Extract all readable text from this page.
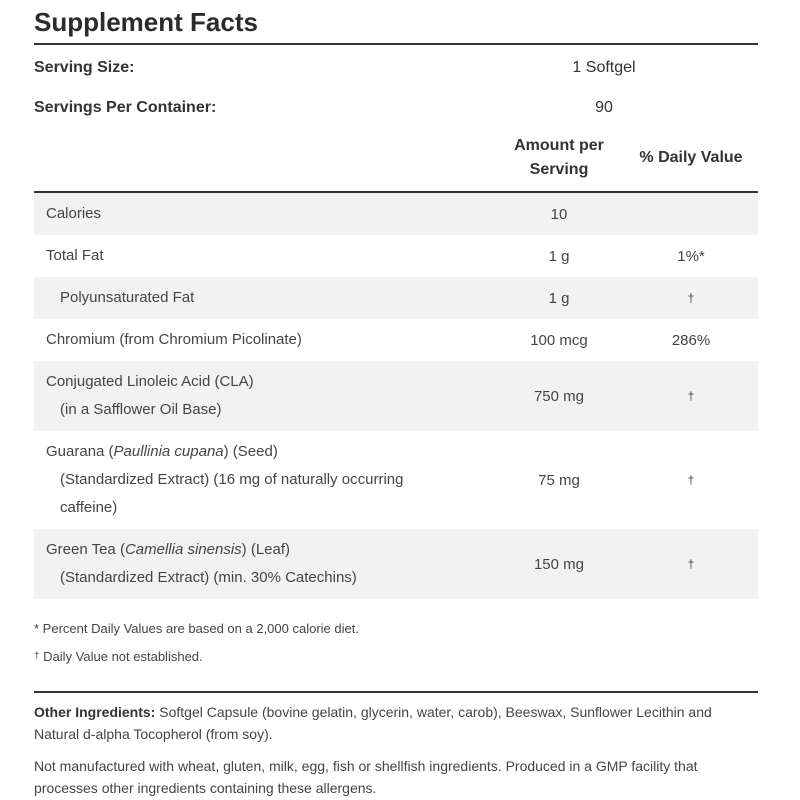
Supplement Facts
Serving Size:	1 Softgel
Servings Per Container:	90
Amount per
Serving
% Daily Value
Calories	10
Total Fat	1 g	1%*
Polyunsaturated Fat	1 g	†
Chromium (from Chromium Picolinate)	100 mcg	286%
Conjugated Linoleic Acid (CLA)
(in a Safflower Oil Base)
750 mg	†
Guarana (Paullinia cupana) (Seed)
(Standardized Extract) (16 mg of naturally occurring
caffeine)
75 mg	†
Green Tea (Camellia sinensis) (Leaf)
(Standardized Extract) (min. 30% Catechins)
150 mg	†
* Percent Daily Values are based on a 2,000 calorie diet.
† Daily Value not established.
Other Ingredients: Softgel Capsule (bovine gelatin, glycerin, water, carob), Beeswax, Sunflower Lecithin and Natural d-alpha Tocopherol (from soy).
Not manufactured with wheat, gluten, milk, egg, fish or shellfish ingredients. Produced in a GMP facility that processes other ingredients containing these allergens.
